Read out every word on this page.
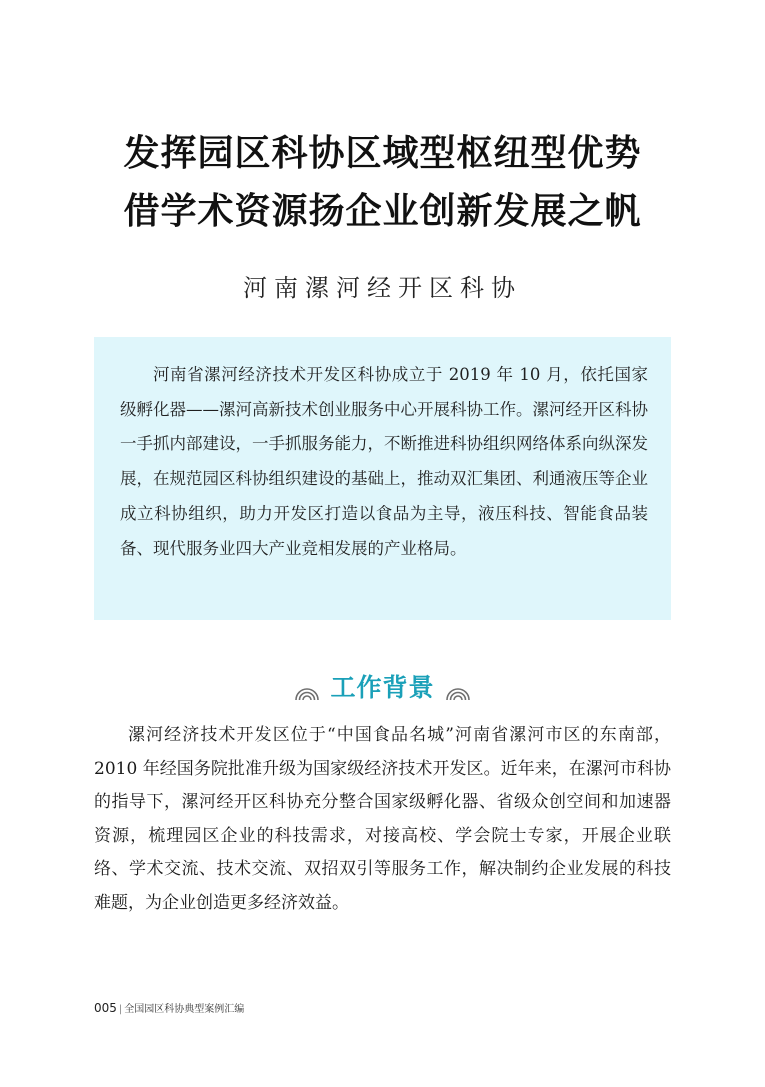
发挥园区科协区域型枢纽型优势
借学术资源扬企业创新发展之帆
河南漯河经开区科协

河南省漯河经济技术开发区科协成立于 2019 年 10 月，依托国家级孵化器——漯河高新技术创业服务中心开展科协工作。漯河经开区科协一手抓内部建设，一手抓服务能力，不断推进科协组织网络体系向纵深发展，在规范园区科协组织建设的基础上，推动双汇集团、利通液压等企业成立科协组织，助力开发区打造以食品为主导，液压科技、智能食品装备、现代服务业四大产业竞相发展的产业格局。

工作背景

漯河经济技术开发区位于“中国食品名城”河南省漯河市区的东南部，2010 年经国务院批准升级为国家级经济技术开发区。近年来，在漯河市科协的指导下，漯河经开区科协充分整合国家级孵化器、省级众创空间和加速器资源，梳理园区企业的科技需求，对接高校、学会院士专家，开展企业联络、学术交流、技术交流、双招双引等服务工作，解决制约企业发展的科技难题，为企业创造更多经济效益。

005 | 全国园区科协典型案例汇编
